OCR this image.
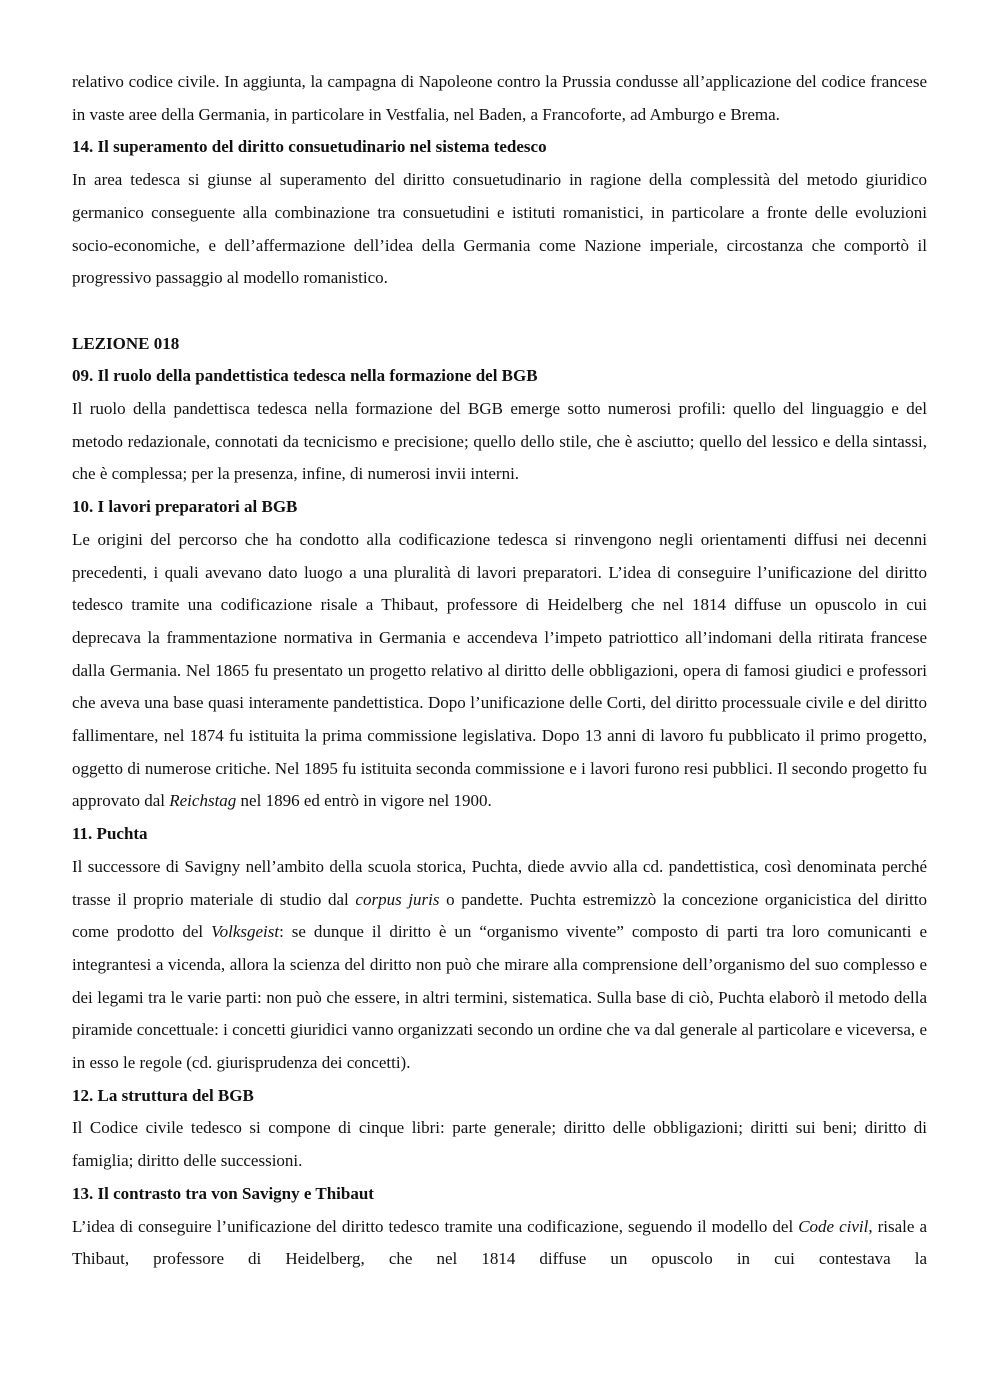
relativo codice civile. In aggiunta, la campagna di Napoleone contro la Prussia condusse all’applicazione del codice francese in vaste aree della Germania, in particolare in Vestfalia, nel Baden, a Francoforte, ad Amburgo e Brema.

14. Il superamento del diritto consuetudinario nel sistema tedesco

In area tedesca si giunse al superamento del diritto consuetudinario in ragione della complessità del metodo giuridico germanico conseguente alla combinazione tra consuetudini e istituti romanistici, in particolare a fronte delle evoluzioni socio-economiche, e dell’affermazione dell’idea della Germania come Nazione imperiale, circostanza che comportò il progressivo passaggio al modello romanistico.

LEZIONE 018
09. Il ruolo della pandettistica tedesca nella formazione del BGB

Il ruolo della pandettisca tedesca nella formazione del BGB emerge sotto numerosi profili: quello del linguaggio e del metodo redazionale, connotati da tecnicismo e precisione; quello dello stile, che è asciutto; quello del lessico e della sintassi, che è complessa; per la presenza, infine, di numerosi invii interni.

10. I lavori preparatori al BGB

Le origini del percorso che ha condotto alla codificazione tedesca si rinvengono negli orientamenti diffusi nei decenni precedenti, i quali avevano dato luogo a una pluralità di lavori preparatori. L’idea di conseguire l’unificazione del diritto tedesco tramite una codificazione risale a Thibaut, professore di Heidelberg che nel 1814 diffuse un opuscolo in cui deprecava la frammentazione normativa in Germania e accendeva l’impeto patriottico all’indomani della ritirata francese dalla Germania. Nel 1865 fu presentato un progetto relativo al diritto delle obbligazioni, opera di famosi giudici e professori che aveva una base quasi interamente pandettistica. Dopo l’unificazione delle Corti, del diritto processuale civile e del diritto fallimentare, nel 1874 fu istituita la prima commissione legislativa. Dopo 13 anni di lavoro fu pubblicato il primo progetto, oggetto di numerose critiche. Nel 1895 fu istituita seconda commissione e i lavori furono resi pubblici. Il secondo progetto fu approvato dal Reichstag nel 1896 ed entrò in vigore nel 1900.

11. Puchta

Il successore di Savigny nell’ambito della scuola storica, Puchta, diede avvio alla cd. pandettistica, così denominata perché trasse il proprio materiale di studio dal corpus juris o pandette. Puchta estremizzò la concezione organicistica del diritto come prodotto del Volksgeist: se dunque il diritto è un “organismo vivente” composto di parti tra loro comunicanti e integrantesi a vicenda, allora la scienza del diritto non può che mirare alla comprensione dell’organismo del suo complesso e dei legami tra le varie parti: non può che essere, in altri termini, sistematica. Sulla base di ciò, Puchta elaborò il metodo della piramide concettuale: i concetti giuridici vanno organizzati secondo un ordine che va dal generale al particolare e viceversa, e in esso le regole (cd. giurisprudenza dei concetti).

12. La struttura del BGB

Il Codice civile tedesco si compone di cinque libri: parte generale; diritto delle obbligazioni; diritti sui beni; diritto di famiglia; diritto delle successioni.

13. Il contrasto tra von Savigny e Thibaut

L’idea di conseguire l’unificazione del diritto tedesco tramite una codificazione, seguendo il modello del Code civil, risale a Thibaut, professore di Heidelberg, che nel 1814 diffuse un opuscolo in cui contestava la
